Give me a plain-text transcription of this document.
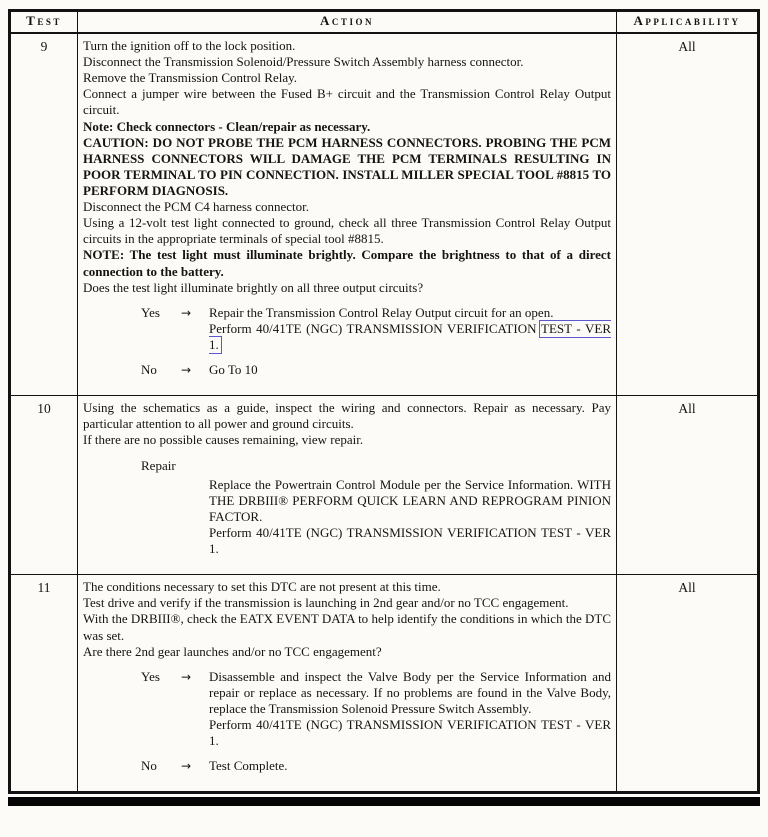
Test	Action	Applicability

9	Turn the ignition off to the lock position.
Disconnect the Transmission Solenoid/Pressure Switch Assembly harness connector.
Remove the Transmission Control Relay.
Connect a jumper wire between the Fused B+ circuit and the Transmission Control Relay Output circuit.
Note: Check connectors - Clean/repair as necessary.
CAUTION: DO NOT PROBE THE PCM HARNESS CONNECTORS. PROBING THE PCM HARNESS CONNECTORS WILL DAMAGE THE PCM TERMINALS RESULTING IN POOR TERMINAL TO PIN CONNECTION. INSTALL MILLER SPECIAL TOOL #8815 TO PERFORM DIAGNOSIS.
Disconnect the PCM C4 harness connector.
Using a 12-volt test light connected to ground, check all three Transmission Control Relay Output circuits in the appropriate terminals of special tool #8815.
NOTE: The test light must illuminate brightly. Compare the brightness to that of a direct connection to the battery.
Does the test light illuminate brightly on all three output circuits?
Yes	→	Repair the Transmission Control Relay Output circuit for an open.
Perform 40/41TE (NGC) TRANSMISSION VERIFICATION TEST - VER 1.
No	→	Go To 10

All

10	Using the schematics as a guide, inspect the wiring and connectors. Repair as necessary. Pay particular attention to all power and ground circuits.
If there are no possible causes remaining, view repair.
Repair
Replace the Powertrain Control Module per the Service Information. WITH THE DRBIII® PERFORM QUICK LEARN AND REPROGRAM PINION FACTOR.
Perform 40/41TE (NGC) TRANSMISSION VERIFICATION TEST - VER 1.	All

11	The conditions necessary to set this DTC are not present at this time.
Test drive and verify if the transmission is launching in 2nd gear and/or no TCC engagement.
With the DRBIII®, check the EATX EVENT DATA to help identify the conditions in which the DTC was set.
Are there 2nd gear launches and/or no TCC engagement?
Yes	→	Disassemble and inspect the Valve Body per the Service Information and repair or replace as necessary. If no problems are found in the Valve Body, replace the Transmission Solenoid Pressure Switch Assembly.
Perform 40/41TE (NGC) TRANSMISSION VERIFICATION TEST - VER 1.
No	→	Test Complete.

All
